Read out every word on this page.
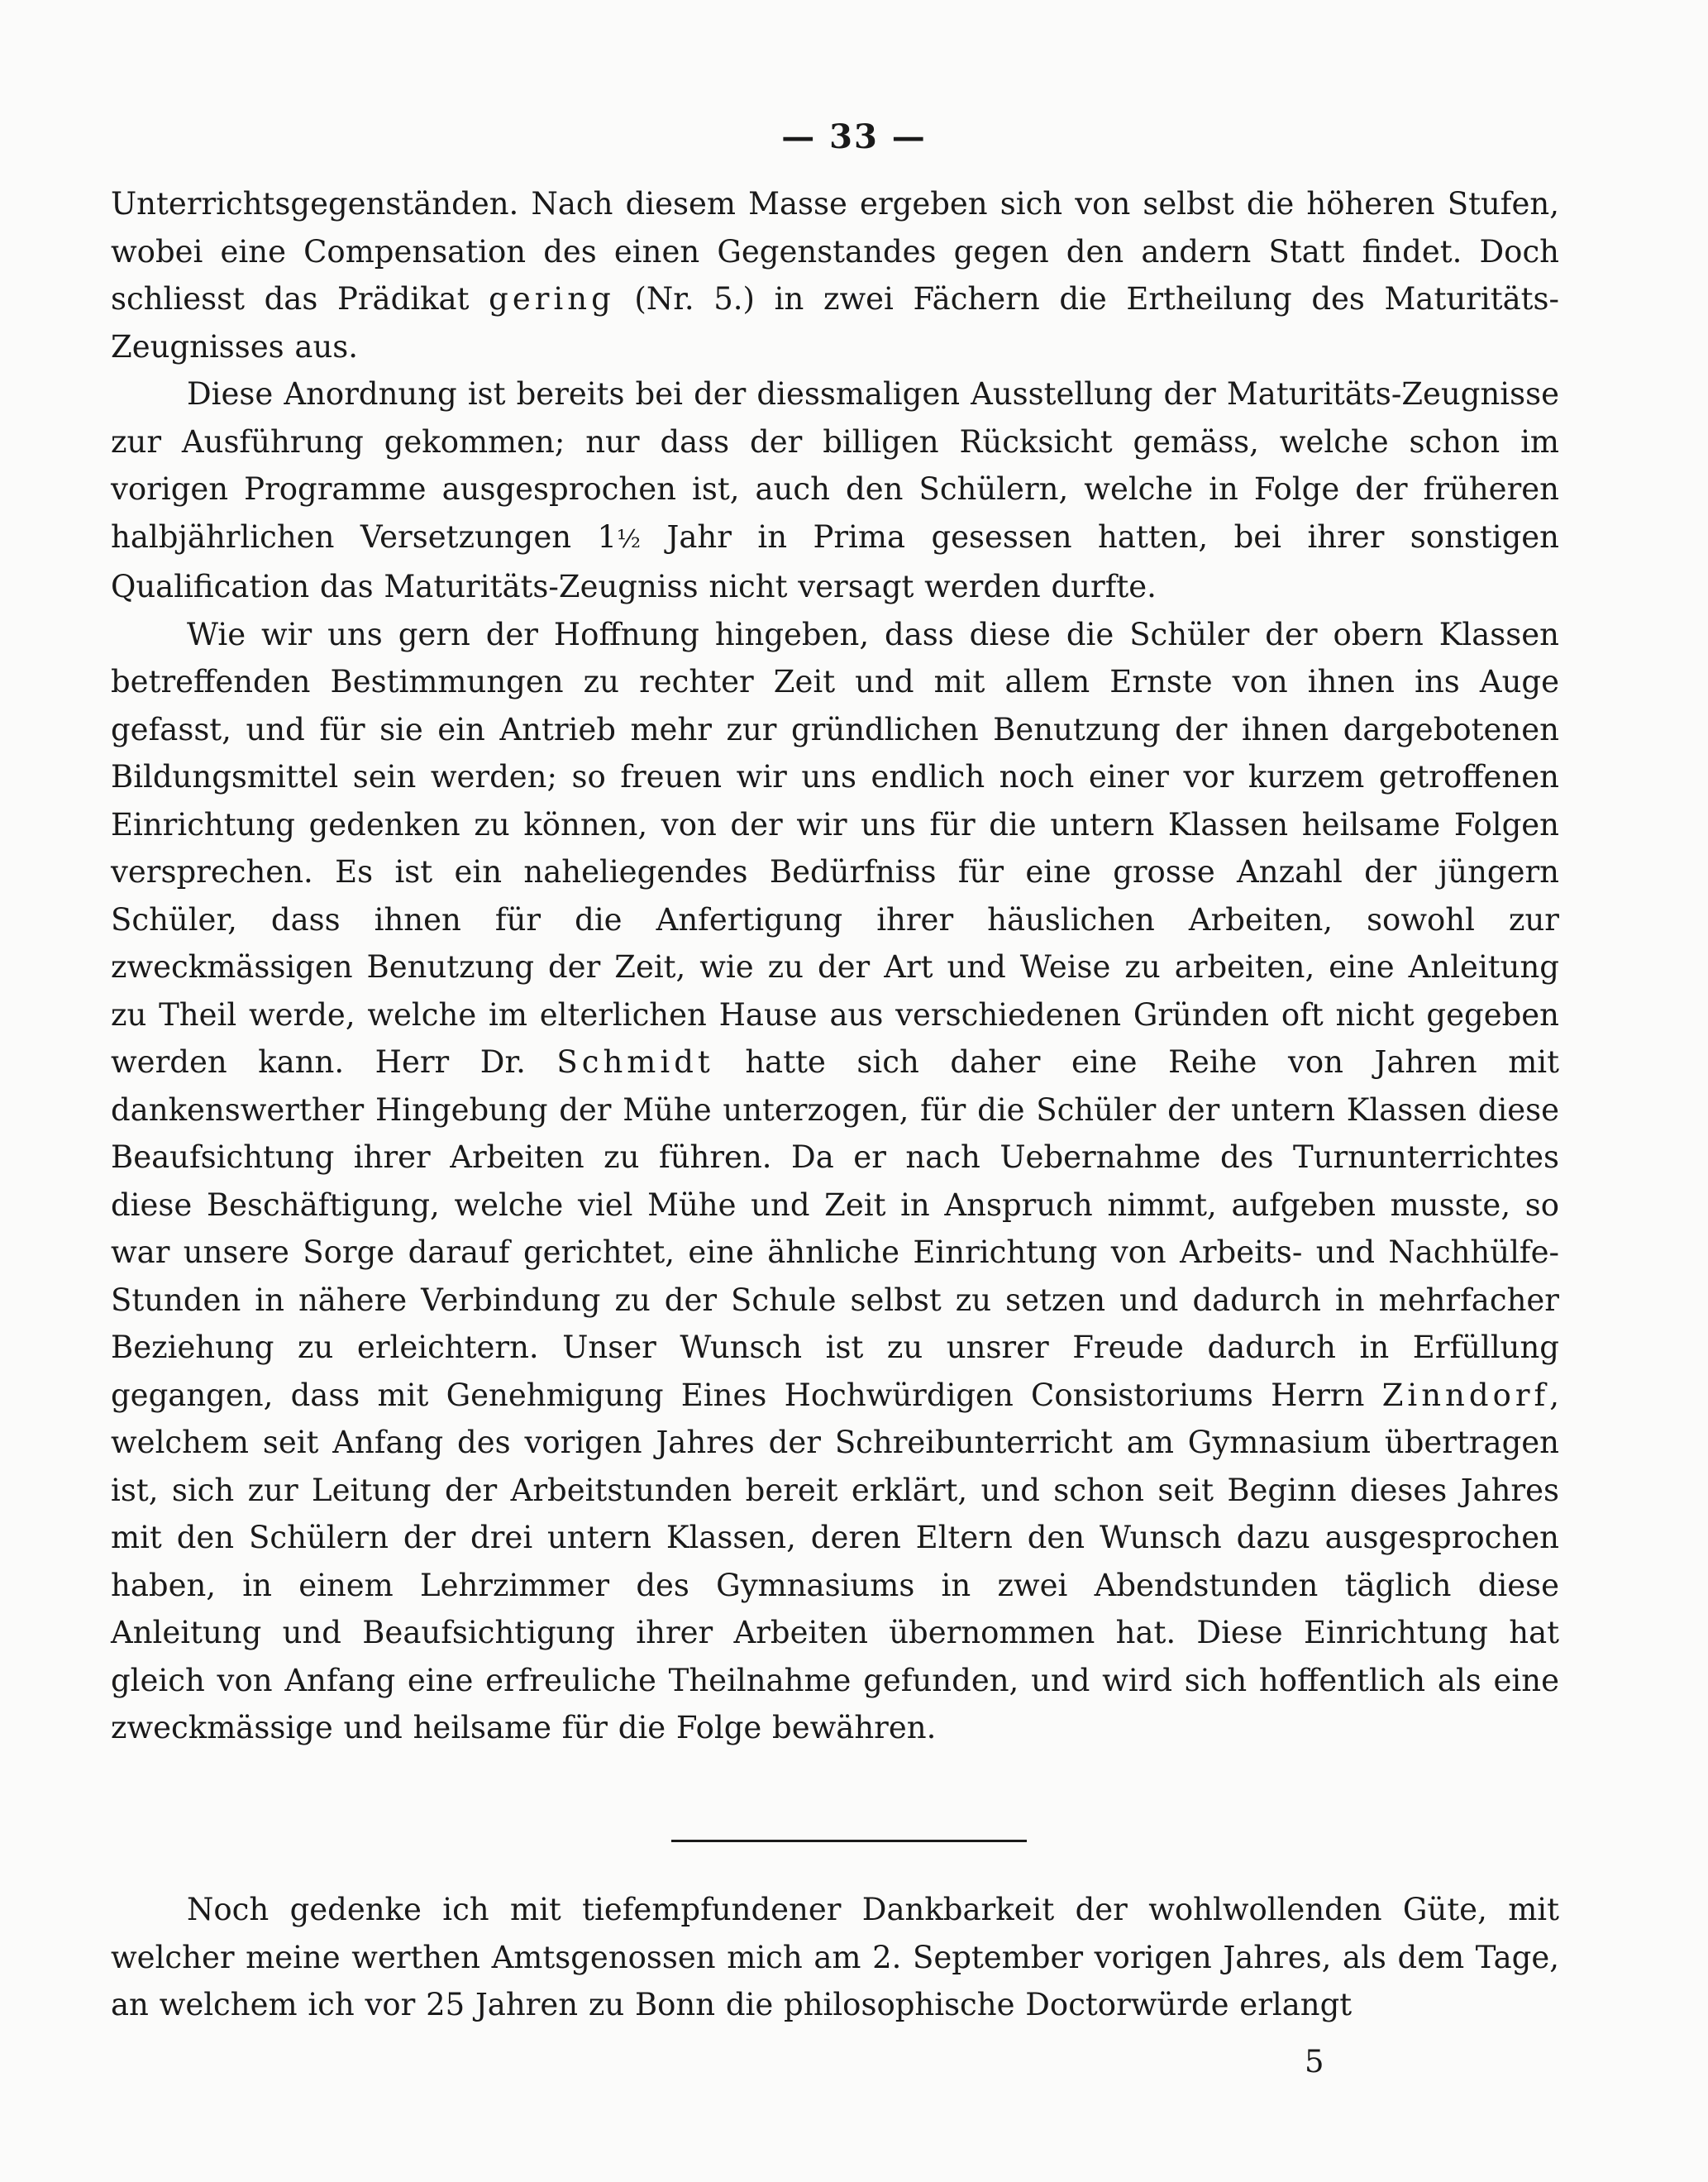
— 33 —

Unterrichtsgegenständen. Nach diesem Masse ergeben sich von selbst die höheren Stufen, wobei eine Compensation des einen Gegenstandes gegen den andern Statt findet. Doch schliesst das Prädikat gering (Nr. 5.) in zwei Fächern die Ertheilung des Maturitäts-Zeugnisses aus.

Diese Anordnung ist bereits bei der diessmaligen Ausstellung der Maturitäts-Zeugnisse zur Ausführung gekommen; nur dass der billigen Rücksicht gemäss, welche schon im vorigen Programme ausgesprochen ist, auch den Schülern, welche in Folge der früheren halbjährlichen Versetzungen 1½ Jahr in Prima gesessen hatten, bei ihrer sonstigen Qualification das Maturitäts-Zeugniss nicht versagt werden durfte.

Wie wir uns gern der Hoffnung hingeben, dass diese die Schüler der obern Klassen betreffenden Bestimmungen zu rechter Zeit und mit allem Ernste von ihnen ins Auge gefasst, und für sie ein Antrieb mehr zur gründlichen Benutzung der ihnen dargebotenen Bildungsmittel sein werden; so freuen wir uns endlich noch einer vor kurzem getroffenen Einrichtung gedenken zu können, von der wir uns für die untern Klassen heilsame Folgen versprechen. Es ist ein naheliegendes Bedürfniss für eine grosse Anzahl der jüngern Schüler, dass ihnen für die Anfertigung ihrer häuslichen Arbeiten, sowohl zur zweckmässigen Benutzung der Zeit, wie zu der Art und Weise zu arbeiten, eine Anleitung zu Theil werde, welche im elterlichen Hause aus verschiedenen Gründen oft nicht gegeben werden kann. Herr Dr. Schmidt hatte sich daher eine Reihe von Jahren mit dankenswerther Hingebung der Mühe unterzogen, für die Schüler der untern Klassen diese Beaufsichtung ihrer Arbeiten zu führen. Da er nach Uebernahme des Turnunterrichtes diese Beschäftigung, welche viel Mühe und Zeit in Anspruch nimmt, aufgeben musste, so war unsere Sorge darauf gerichtet, eine ähnliche Einrichtung von Arbeits- und Nachhülfe-Stunden in nähere Verbindung zu der Schule selbst zu setzen und dadurch in mehrfacher Beziehung zu erleichtern. Unser Wunsch ist zu unsrer Freude dadurch in Erfüllung gegangen, dass mit Genehmigung Eines Hochwürdigen Consistoriums Herrn Zinndorf, welchem seit Anfang des vorigen Jahres der Schreibunterricht am Gymnasium übertragen ist, sich zur Leitung der Arbeitstunden bereit erklärt, und schon seit Beginn dieses Jahres mit den Schülern der drei untern Klassen, deren Eltern den Wunsch dazu ausgesprochen haben, in einem Lehrzimmer des Gymnasiums in zwei Abendstunden täglich diese Anleitung und Beaufsichtigung ihrer Arbeiten übernommen hat. Diese Einrichtung hat gleich von Anfang eine erfreuliche Theilnahme gefunden, und wird sich hoffentlich als eine zweckmässige und heilsame für die Folge bewähren.

Noch gedenke ich mit tiefempfundener Dankbarkeit der wohlwollenden Güte, mit welcher meine werthen Amtsgenossen mich am 2. September vorigen Jahres, als dem Tage, an welchem ich vor 25 Jahren zu Bonn die philosophische Doctorwürde erlangt

5
